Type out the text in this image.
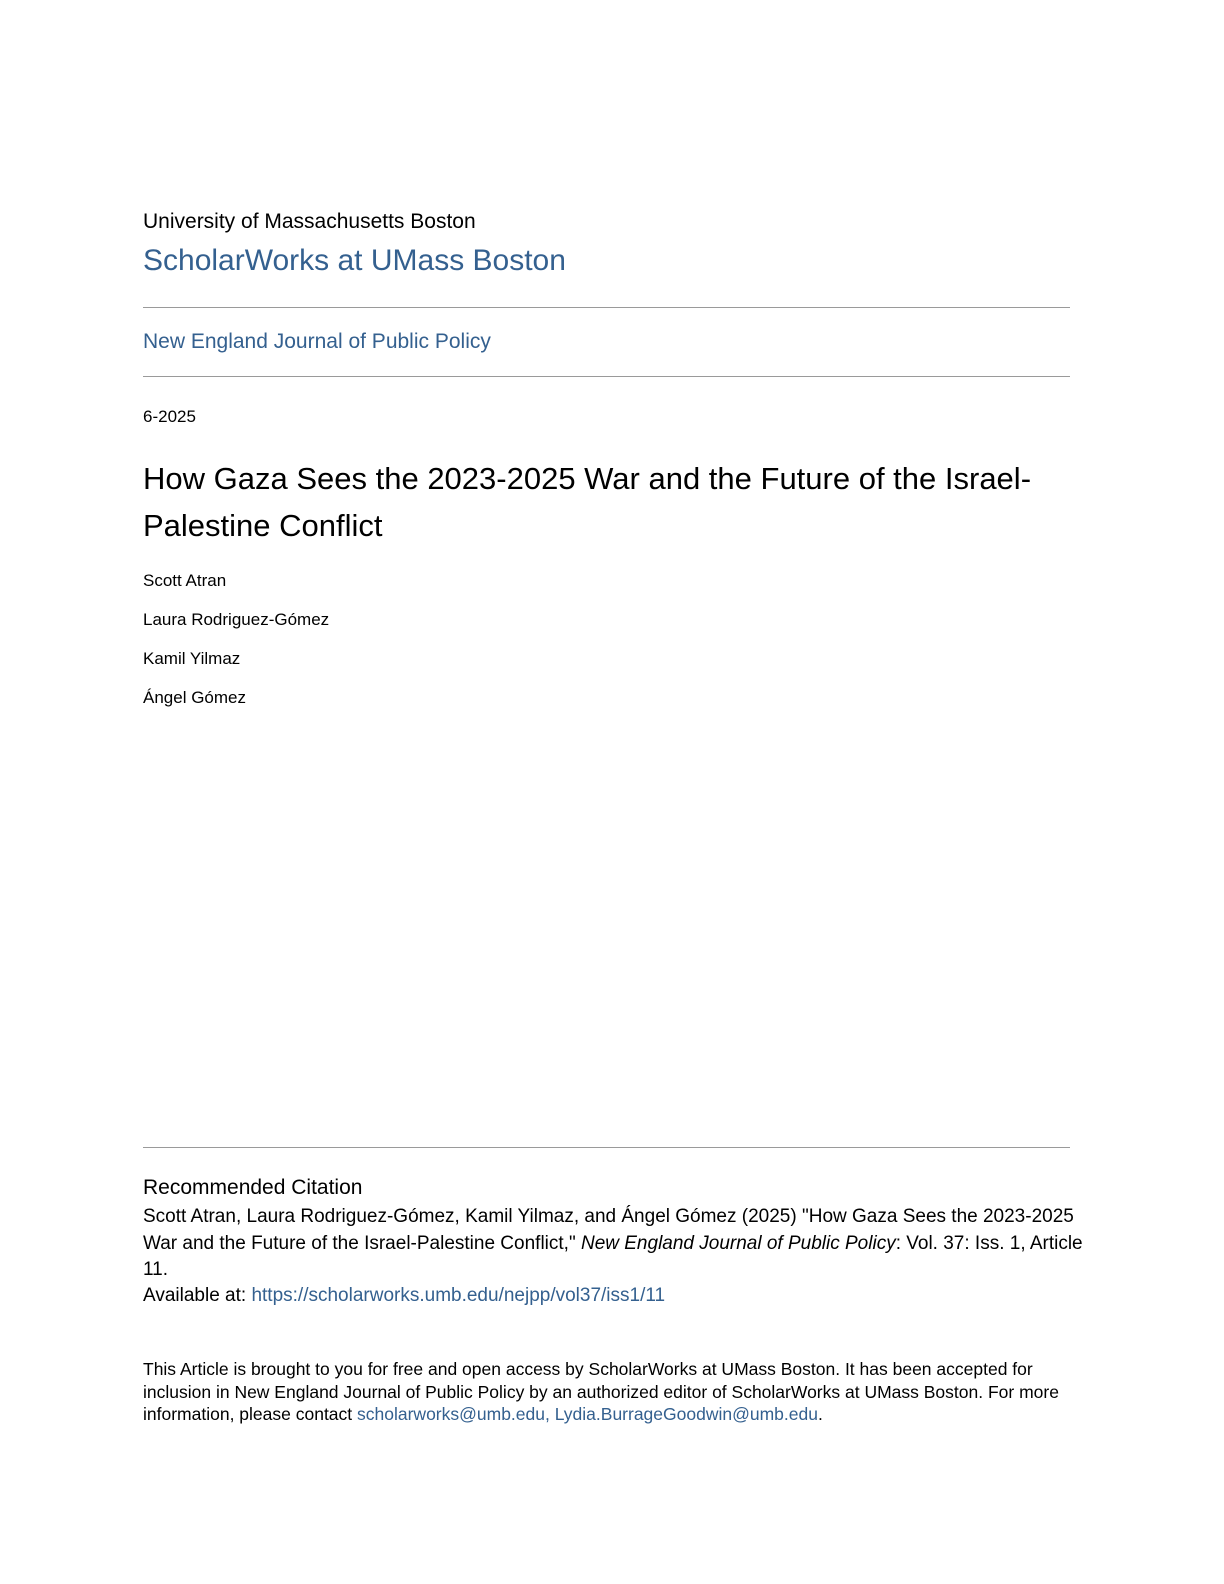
University of Massachusetts Boston
ScholarWorks at UMass Boston
New England Journal of Public Policy
6-2025
How Gaza Sees the 2023-2025 War and the Future of the Israel-Palestine Conflict
Scott Atran
Laura Rodriguez-Gómez
Kamil Yilmaz
Ángel Gómez
Recommended Citation

Scott Atran, Laura Rodriguez-Gómez, Kamil Yilmaz, and Ángel Gómez (2025) "How Gaza Sees the 2023-2025 War and the Future of the Israel-Palestine Conflict," New England Journal of Public Policy: Vol. 37: Iss. 1, Article 11.

Available at: https://scholarworks.umb.edu/nejpp/vol37/iss1/11

This Article is brought to you for free and open access by ScholarWorks at UMass Boston. It has been accepted for inclusion in New England Journal of Public Policy by an authorized editor of ScholarWorks at UMass Boston. For more information, please contact scholarworks@umb.edu, Lydia.BurrageGoodwin@umb.edu.
